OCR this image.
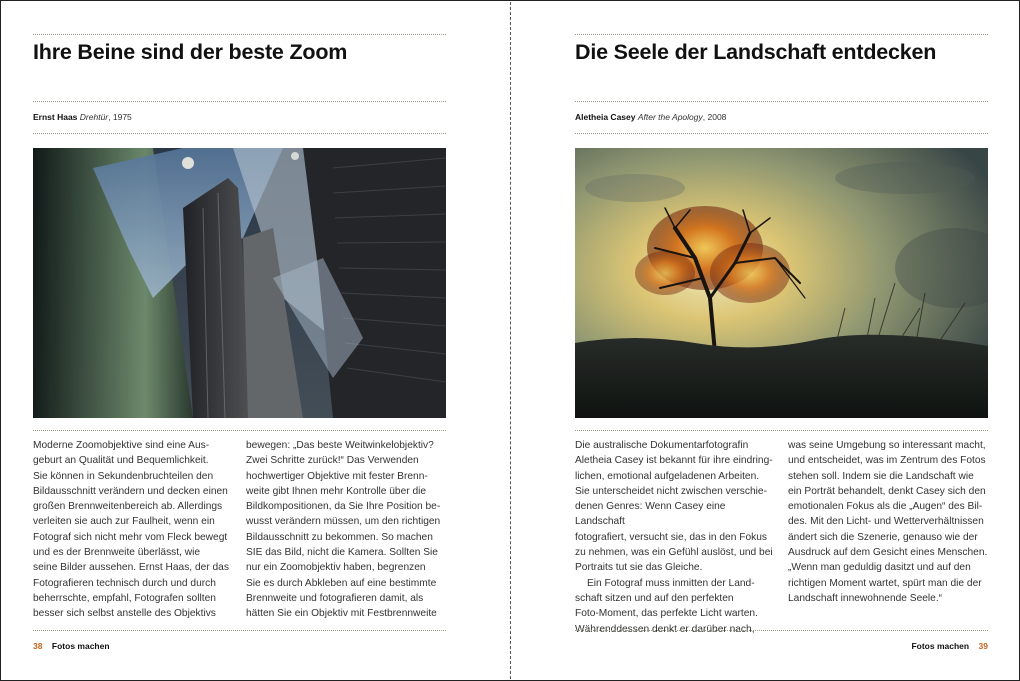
Ihre Beine sind der beste Zoom
Ernst Haas Drehtür, 1975

Moderne Zoomobjektive sind eine Aus-
geburt an Qualität und Bequemlichkeit.
Sie können in Sekundenbruchteilen den
Bildausschnitt verändern und decken einen
großen Brennweitenbereich ab. Allerdings
verleiten sie auch zur Faulheit, wenn ein
Fotograf sich nicht mehr vom Fleck bewegt
und es der Brennweite überlässt, wie
seine Bilder aussehen. Ernst Haas, der das
Fotografieren technisch durch und durch
beherrschte, empfahl, Fotografen sollten
besser sich selbst anstelle des Objektivs

bewegen: „Das beste Weitwinkelobjektiv?
Zwei Schritte zurück!“ Das Verwenden
hochwertiger Objektive mit fester Brenn-
weite gibt Ihnen mehr Kontrolle über die
Bildkompositionen, da Sie Ihre Position be-
wusst verändern müssen, um den richtigen
Bildausschnitt zu bekommen. So machen
SIE das Bild, nicht die Kamera. Sollten Sie
nur ein Zoomobjektiv haben, begrenzen
Sie es durch Abkleben auf eine bestimmte
Brennweite und fotografieren damit, als
hätten Sie ein Objektiv mit Festbrennweite

38 Fotos machen
Die Seele der Landschaft entdecken
Aletheia Casey After the Apology, 2008

Die australische Dokumentarfotografin
Aletheia Casey ist bekannt für ihre eindring-
lichen, emotional aufgeladenen Arbeiten.
Sie unterscheidet nicht zwischen verschie-
denen Genres: Wenn Casey eine Landschaft
fotografiert, versucht sie, das in den Fokus
zu nehmen, was ein Gefühl auslöst, und bei
Portraits tut sie das Gleiche.

Ein Fotograf muss inmitten der Land-
schaft sitzen und auf den perfekten
Foto-Moment, das perfekte Licht warten.
Währenddessen denkt er darüber nach,

was seine Umgebung so interessant macht,
und entscheidet, was im Zentrum des Fotos
stehen soll. Indem sie die Landschaft wie
ein Porträt behandelt, denkt Casey sich den
emotionalen Fokus als die „Augen“ des Bil-
des. Mit den Licht- und Wetterverhältnissen
ändert sich die Szenerie, genauso wie der
Ausdruck auf dem Gesicht eines Menschen.
„Wenn man geduldig dasitzt und auf den
richtigen Moment wartet, spürt man die der
Landschaft innewohnende Seele.“

Fotos machen 39
